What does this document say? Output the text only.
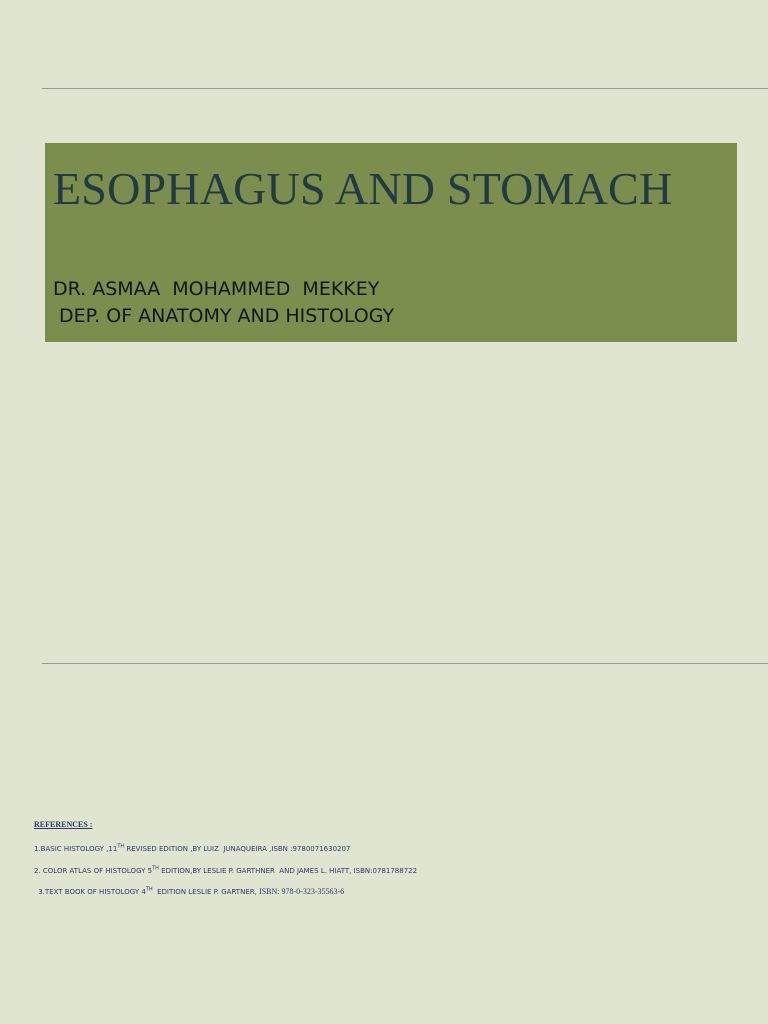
ESOPHAGUS AND STOMACH
DR. ASMAA  MOHAMMED  MEKKEY
DEP. OF ANATOMY AND HISTOLOGY
REFERENCES :
1.BASIC HISTOLOGY ,11TH REVISED EDITION ,BY LUIZ  JUNAQUEIRA ,ISBN :9780071630207
2. COLOR ATLAS OF HISTOLOGY 5TH EDITION,BY LESLIE P. GARTHNER  AND JAMES L. HIATT, ISBN:0781788722
3.TEXT BOOK OF HISTOLOGY 4TH  EDITION LESLIE P. GARTNER, ISBN: 978-0-323-35563-6
